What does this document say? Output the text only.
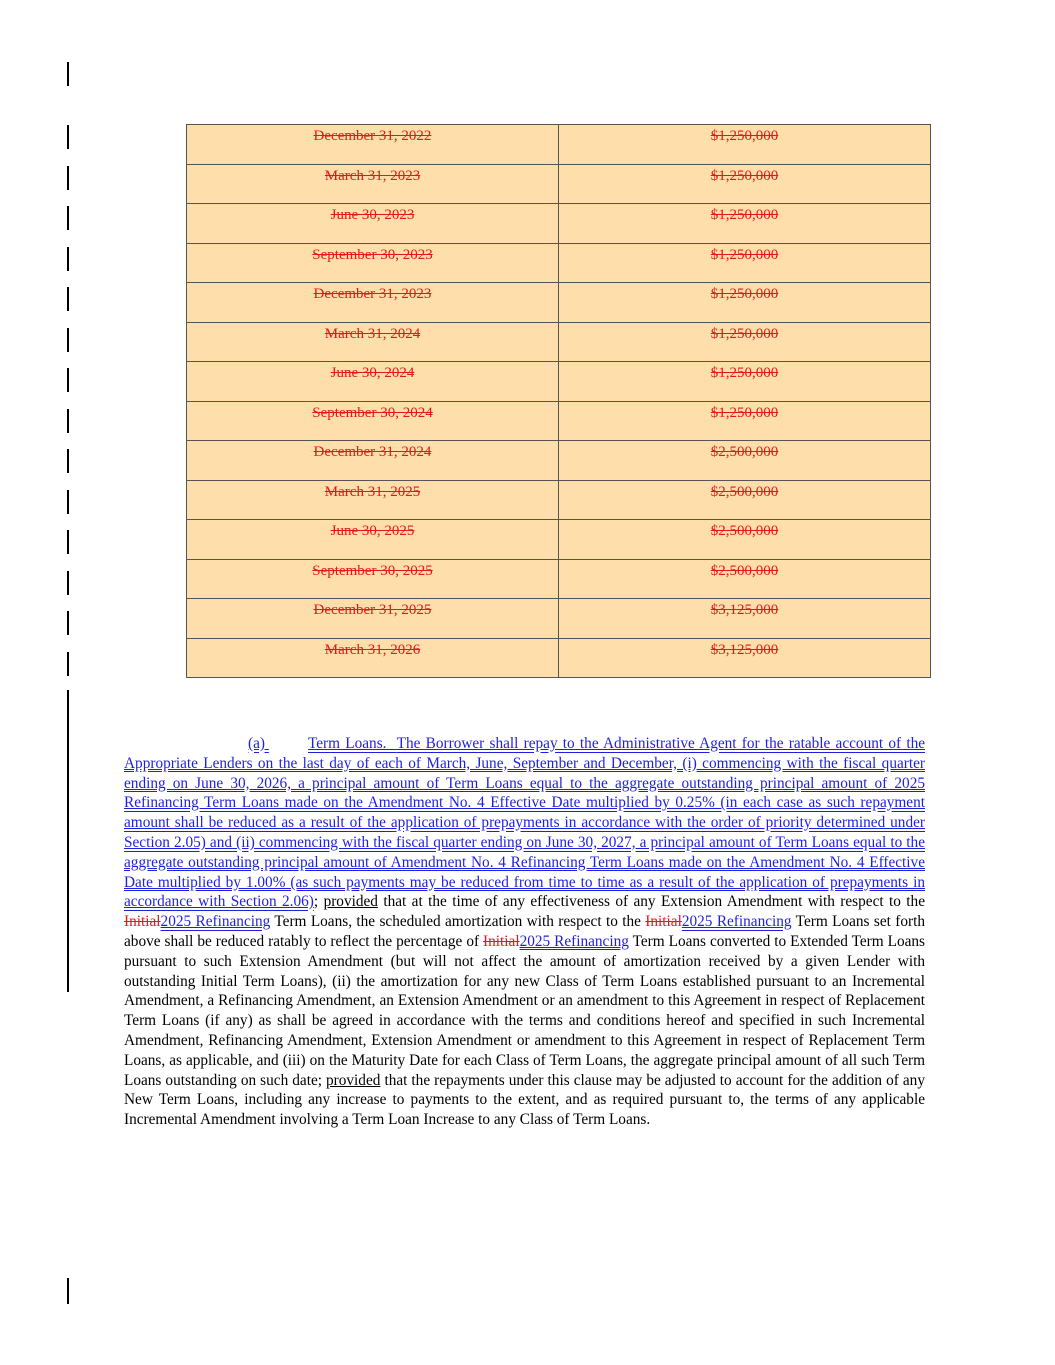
December 31, 2022	$1,250,000
March 31, 2023	$1,250,000
June 30, 2023	$1,250,000
September 30, 2023	$1,250,000
December 31, 2023	$1,250,000
March 31, 2024	$1,250,000
June 30, 2024	$1,250,000
September 30, 2024	$1,250,000
December 31, 2024	$2,500,000
March 31, 2025	$2,500,000
June 30, 2025	$2,500,000
September 30, 2025	$2,500,000
December 31, 2025	$3,125,000
March 31, 2026	$3,125,000
(a)	Term Loans. The Borrower shall repay to the Administrative Agent for the ratable account of the Appropriate Lenders on the last day of each of March, June, September and December, (i) commencing with the fiscal quarter ending on June 30, 2026, a principal amount of Term Loans equal to the aggregate outstanding principal amount of 2025 Refinancing Term Loans made on the Amendment No. 4 Effective Date multiplied by 0.25% (in each case as such repayment amount shall be reduced as a result of the application of prepayments in accordance with the order of priority determined under Section 2.05) and (ii) commencing with the fiscal quarter ending on June 30, 2027, a principal amount of Term Loans equal to the aggregate outstanding principal amount of Amendment No. 4 Refinancing Term Loans made on the Amendment No. 4 Effective Date multiplied by 1.00% (as such payments may be reduced from time to time as a result of the application of prepayments in accordance with Section 2.06); provided that at the time of any effectiveness of any Extension Amendment with respect to the Initial2025 Refinancing Term Loans, the scheduled amortization with respect to the Initial2025 Refinancing Term Loans set forth above shall be reduced ratably to reflect the percentage of Initial2025 Refinancing Term Loans converted to Extended Term Loans pursuant to such Extension Amendment (but will not affect the amount of amortization received by a given Lender with outstanding Initial Term Loans), (ii) the amortization for any new Class of Term Loans established pursuant to an Incremental Amendment, a Refinancing Amendment, an Extension Amendment or an amendment to this Agreement in respect of Replacement Term Loans (if any) as shall be agreed in accordance with the terms and conditions hereof and specified in such Incremental Amendment, Refinancing Amendment, Extension Amendment or amendment to this Agreement in respect of Replacement Term Loans, as applicable, and (iii) on the Maturity Date for each Class of Term Loans, the aggregate principal amount of all such Term Loans outstanding on such date; provided that the repayments under this clause may be adjusted to account for the addition of any New Term Loans, including any increase to payments to the extent, and as required pursuant to, the terms of any applicable Incremental Amendment involving a Term Loan Increase to any Class of Term Loans.
